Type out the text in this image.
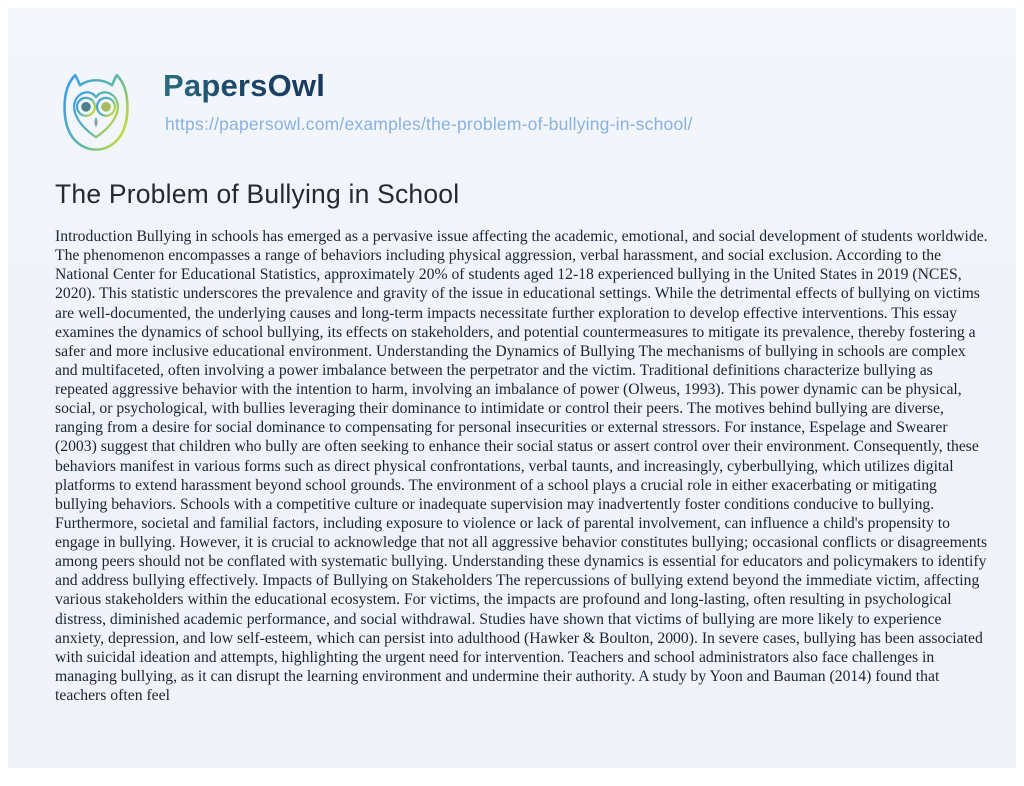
PapersOwl
https://papersowl.com/examples/the-problem-of-bullying-in-school/
The Problem of Bullying in School

Introduction Bullying in schools has emerged as a pervasive issue affecting the academic, emotional, and social development of students worldwide. The phenomenon encompasses a range of behaviors including physical aggression, verbal harassment, and social exclusion. According to the National Center for Educational Statistics, approximately 20% of students aged 12-18 experienced bullying in the United States in 2019 (NCES, 2020). This statistic underscores the prevalence and gravity of the issue in educational settings. While the detrimental effects of bullying on victims are well-documented, the underlying causes and long-term impacts necessitate further exploration to develop effective interventions. This essay examines the dynamics of school bullying, its effects on stakeholders, and potential countermeasures to mitigate its prevalence, thereby fostering a safer and more inclusive educational environment. Understanding the Dynamics of Bullying The mechanisms of bullying in schools are complex and multifaceted, often involving a power imbalance between the perpetrator and the victim. Traditional definitions characterize bullying as repeated aggressive behavior with the intention to harm, involving an imbalance of power (Olweus, 1993). This power dynamic can be physical, social, or psychological, with bullies leveraging their dominance to intimidate or control their peers. The motives behind bullying are diverse, ranging from a desire for social dominance to compensating for personal insecurities or external stressors. For instance, Espelage and Swearer (2003) suggest that children who bully are often seeking to enhance their social status or assert control over their environment. Consequently, these behaviors manifest in various forms such as direct physical confrontations, verbal taunts, and increasingly, cyberbullying, which utilizes digital platforms to extend harassment beyond school grounds. The environment of a school plays a crucial role in either exacerbating or mitigating bullying behaviors. Schools with a competitive culture or inadequate supervision may inadvertently foster conditions conducive to bullying. Furthermore, societal and familial factors, including exposure to violence or lack of parental involvement, can influence a child's propensity to engage in bullying. However, it is crucial to acknowledge that not all aggressive behavior constitutes bullying; occasional conflicts or disagreements among peers should not be conflated with systematic bullying. Understanding these dynamics is essential for educators and policymakers to identify and address bullying effectively. Impacts of Bullying on Stakeholders The repercussions of bullying extend beyond the immediate victim, affecting various stakeholders within the educational ecosystem. For victims, the impacts are profound and long-lasting, often resulting in psychological distress, diminished academic performance, and social withdrawal. Studies have shown that victims of bullying are more likely to experience anxiety, depression, and low self-esteem, which can persist into adulthood (Hawker & Boulton, 2000). In severe cases, bullying has been associated with suicidal ideation and attempts, highlighting the urgent need for intervention. Teachers and school administrators also face challenges in managing bullying, as it can disrupt the learning environment and undermine their authority. A study by Yoon and Bauman (2014) found that teachers often feel
